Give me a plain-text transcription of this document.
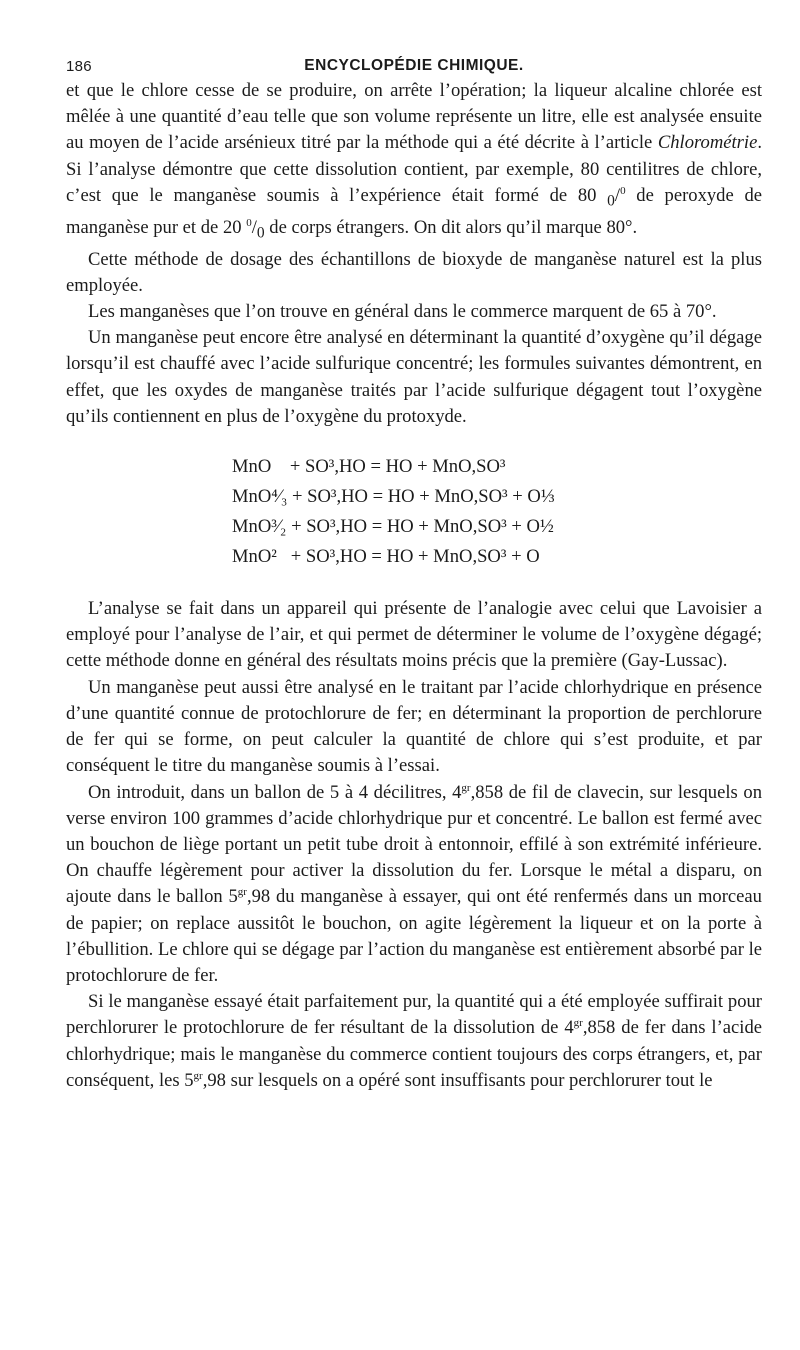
186	ENCYCLOPÉDIE CHIMIQUE.

et que le chlore cesse de se produire, on arrête l’opération; la liqueur alcaline chlorée est mêlée à une quantité d’eau telle que son volume représente un litre, elle est analysée ensuite au moyen de l’acide arsénieux titré par la méthode qui a été décrite à l’article Chlorométrie. Si l’analyse démontre que cette dissolution contient, par exemple, 80 centilitres de chlore, c’est que le manganèse soumis à l’expérience était formé de 80 $_0$/$^0$ de peroxyde de manganèse pur et de 20 $^0/_0$ de corps étrangers. On dit alors qu’il marque 80°.

Cette méthode de dosage des échantillons de bioxyde de manganèse naturel est la plus employée.

Les manganèses que l’on trouve en général dans le commerce marquent de 65 à 70°.

Un manganèse peut encore être analysé en déterminant la quantité d’oxygène qu’il dégage lorsqu’il est chauffé avec l’acide sulfurique concentré; les formules suivantes démontrent, en effet, que les oxydes de manganèse traités par l’acide sulfurique dégagent tout l’oxygène qu’ils contiennent en plus de l’oxygène du protoxyde.

MnO    + SO³,HO = HO + MnO,SO³
MnO⁴⁄₃ + SO³,HO = HO + MnO,SO³ + O⅓
MnO³⁄₂ + SO³,HO = HO + MnO,SO³ + O½
MnO²   + SO³,HO = HO + MnO,SO³ + O

L’analyse se fait dans un appareil qui présente de l’analogie avec celui que Lavoisier a employé pour l’analyse de l’air, et qui permet de déterminer le volume de l’oxygène dégagé; cette méthode donne en général des résultats moins précis que la première (Gay-Lussac).

Un manganèse peut aussi être analysé en le traitant par l’acide chlorhydrique en présence d’une quantité connue de protochlorure de fer; en déterminant la proportion de perchlorure de fer qui se forme, on peut calculer la quantité de chlore qui s’est produite, et par conséquent le titre du manganèse soumis à l’essai.

On introduit, dans un ballon de 5 à 4 décilitres, $4^{gr},858$ de fil de clavecin, sur lesquels on verse environ 100 grammes d’acide chlorhydrique pur et concentré. Le ballon est fermé avec un bouchon de liège portant un petit tube droit à entonnoir, effilé à son extrémité inférieure. On chauffe légèrement pour activer la dissolution du fer. Lorsque le métal a disparu, on ajoute dans le ballon $5^{gr},98$ du manganèse à essayer, qui ont été renfermés dans un morceau de papier; on replace aussitôt le bouchon, on agite légèrement la liqueur et on la porte à l’ébullition. Le chlore qui se dégage par l’action du manganèse est entièrement absorbé par le protochlorure de fer.

Si le manganèse essayé était parfaitement pur, la quantité qui a été employée suffirait pour perchlorurer le protochlorure de fer résultant de la dissolution de $4^{gr},858$ de fer dans l’acide chlorhydrique; mais le manganèse du commerce contient toujours des corps étrangers, et, par conséquent, les $5^{gr},98$ sur lesquels on a opéré sont insuffisants pour perchlorurer tout le
